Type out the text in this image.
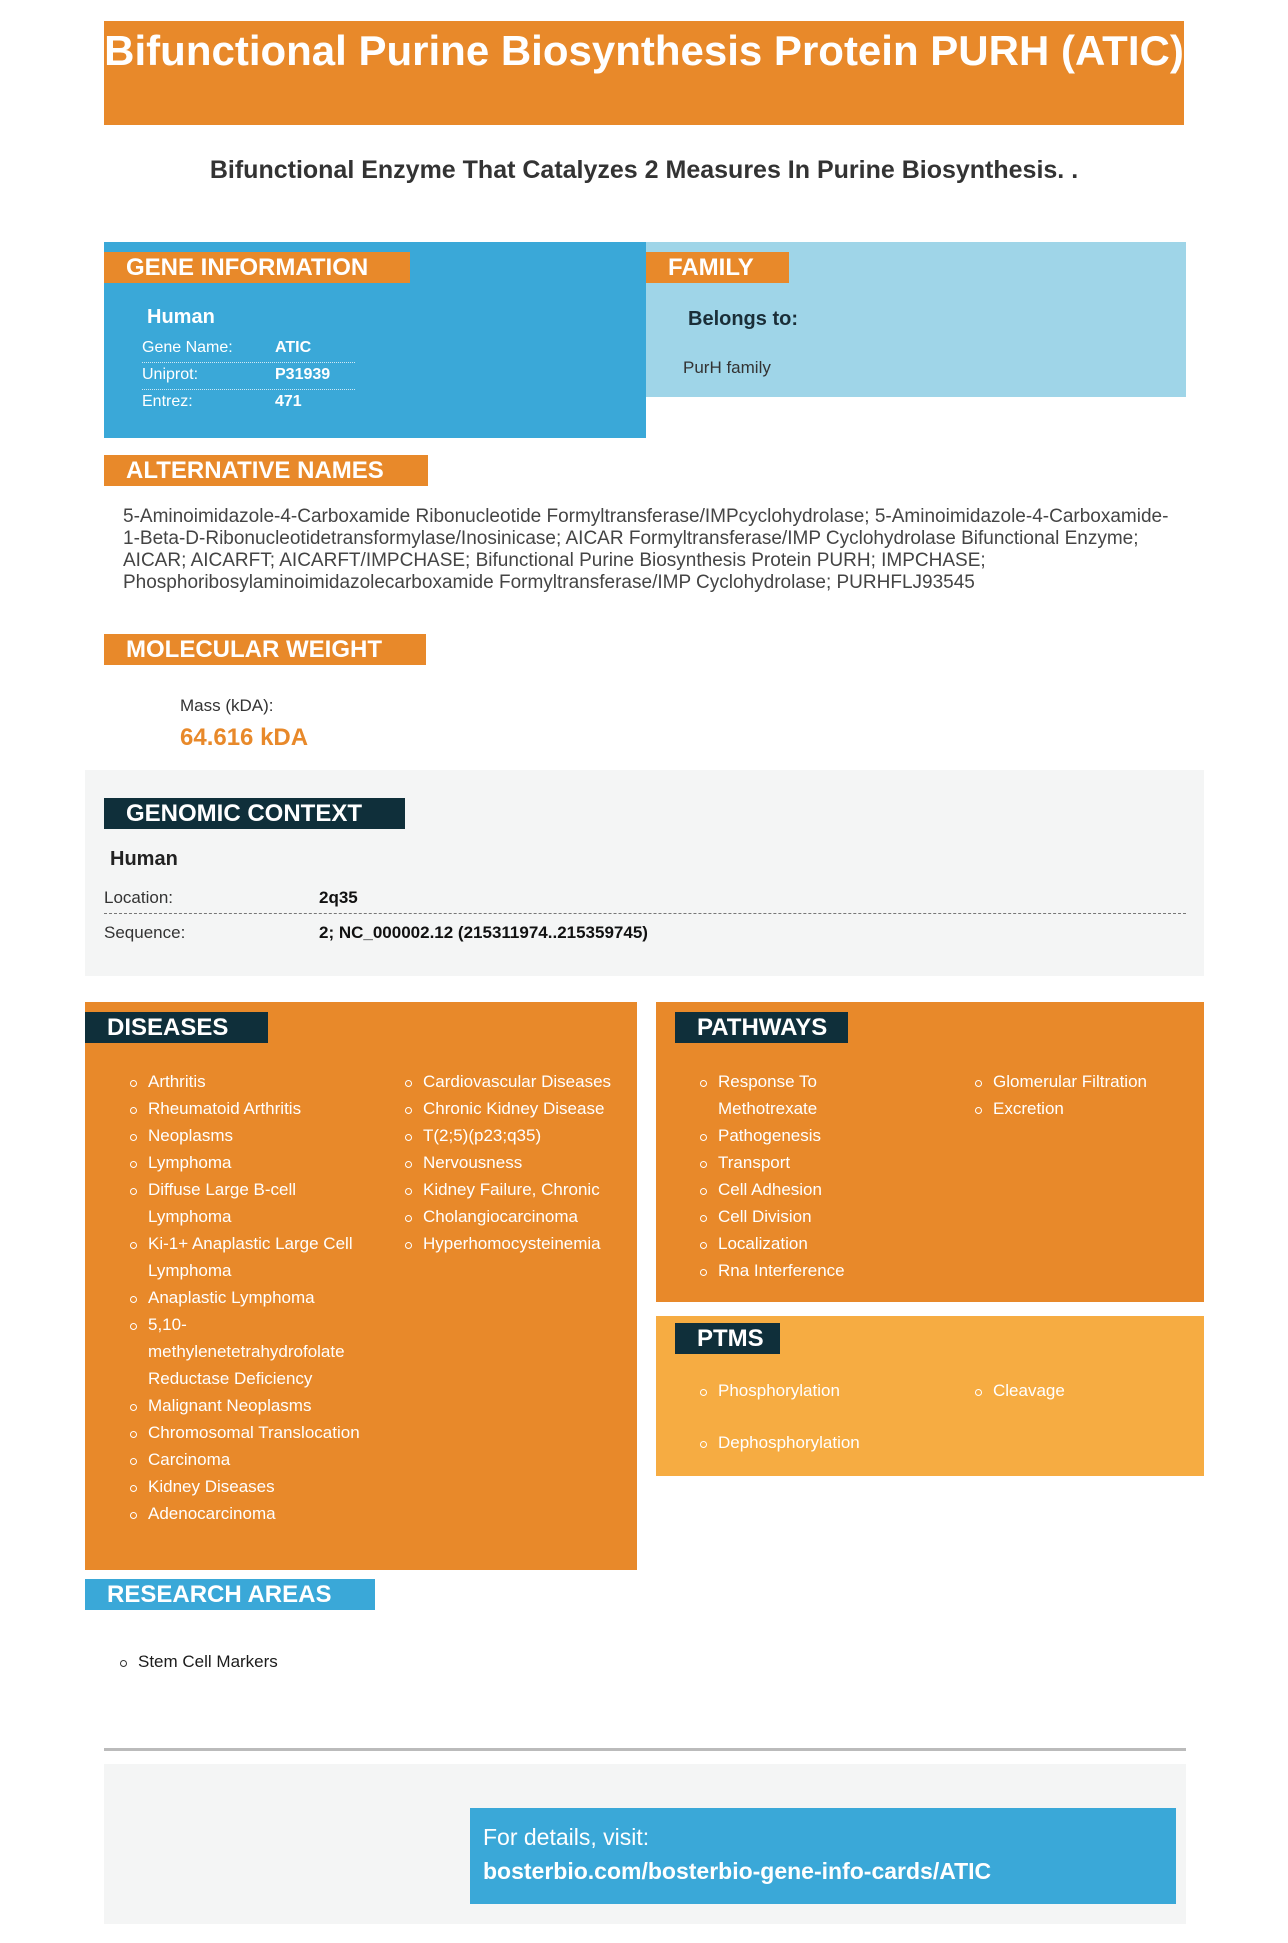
Bifunctional Purine Biosynthesis Protein PURH (ATIC)
Bifunctional Enzyme That Catalyzes 2 Measures In Purine Biosynthesis. .
GENE INFORMATION
Human
Gene Name:	ATIC
Uniprot:	P31939
Entrez:	471
FAMILY
Belongs to:
PurH family
ALTERNATIVE NAMES
5-Aminoimidazole-4-Carboxamide Ribonucleotide Formyltransferase/IMPcyclohydrolase; 5-Aminoimidazole-4-Carboxamide-1-Beta-D-Ribonucleotidetransformylase/Inosinicase; AICAR Formyltransferase/IMP Cyclohydrolase Bifunctional Enzyme; AICAR; AICARFT; AICARFT/IMPCHASE; Bifunctional Purine Biosynthesis Protein PURH; IMPCHASE; Phosphoribosylaminoimidazolecarboxamide Formyltransferase/IMP Cyclohydrolase; PURHFLJ93545
MOLECULAR WEIGHT
Mass (kDA):
64.616 kDA
GENOMIC CONTEXT
Human
Location:	2q35
Sequence:	2; NC_000002.12 (215311974..215359745)
DISEASES
Arthritis
Rheumatoid Arthritis
Neoplasms
Lymphoma
Diffuse Large B-cell Lymphoma
Ki-1+ Anaplastic Large Cell Lymphoma
Anaplastic Lymphoma
5,10-methylenetetrahydrofolate Reductase Deficiency
Malignant Neoplasms
Chromosomal Translocation
Carcinoma
Kidney Diseases
Adenocarcinoma
Cardiovascular Diseases
Chronic Kidney Disease
T(2;5)(p23;q35)
Nervousness
Kidney Failure, Chronic
Cholangiocarcinoma
Hyperhomocysteinemia
PATHWAYS
Response To Methotrexate
Pathogenesis
Transport
Cell Adhesion
Cell Division
Localization
Rna Interference
Glomerular Filtration
Excretion
PTMS
Phosphorylation	Cleavage
Dephosphorylation
RESEARCH AREAS
Stem Cell Markers
For details, visit:
bosterbio.com/bosterbio-gene-info-cards/ATIC
